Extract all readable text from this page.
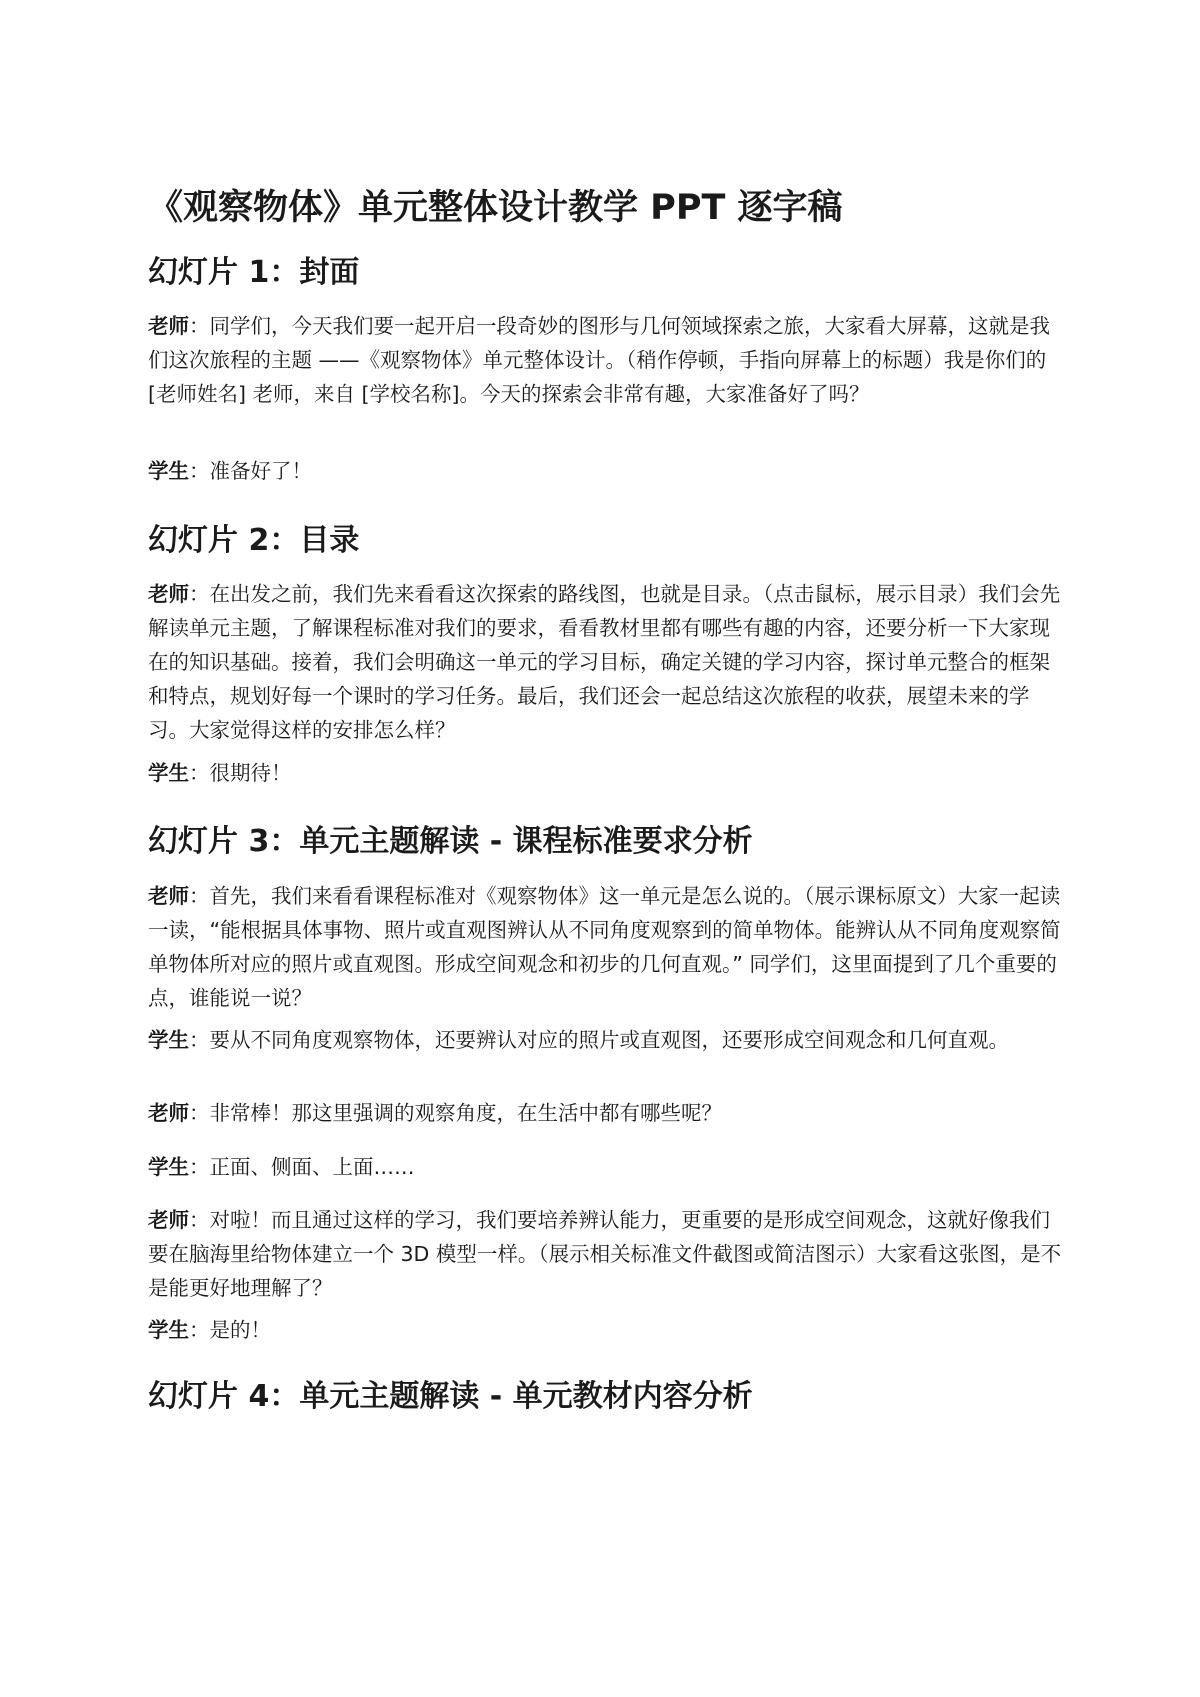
《观察物体》单元整体设计教学 PPT 逐字稿
幻灯片 1：封面

老师：同学们，今天我们要一起开启一段奇妙的图形与几何领域探索之旅，大家看大屏幕，这就是我们这次旅程的主题 ——《观察物体》单元整体设计。（稍作停顿，手指向屏幕上的标题）我是你们的 [老师姓名] 老师，来自 [学校名称]。今天的探索会非常有趣，大家准备好了吗？

学生：准备好了！

幻灯片 2：目录

老师：在出发之前，我们先来看看这次探索的路线图，也就是目录。（点击鼠标，展示目录）我们会先解读单元主题，了解课程标准对我们的要求，看看教材里都有哪些有趣的内容，还要分析一下大家现在的知识基础。接着，我们会明确这一单元的学习目标，确定关键的学习内容，探讨单元整合的框架和特点，规划好每一个课时的学习任务。最后，我们还会一起总结这次旅程的收获，展望未来的学习。大家觉得这样的安排怎么样？

学生：很期待！

幻灯片 3：单元主题解读 - 课程标准要求分析

老师：首先，我们来看看课程标准对《观察物体》这一单元是怎么说的。（展示课标原文）大家一起读一读，“能根据具体事物、照片或直观图辨认从不同角度观察到的简单物体。能辨认从不同角度观察简单物体所对应的照片或直观图。形成空间观念和初步的几何直观。” 同学们，这里面提到了几个重要的点，谁能说一说？

学生：要从不同角度观察物体，还要辨认对应的照片或直观图，还要形成空间观念和几何直观。

老师：非常棒！那这里强调的观察角度，在生活中都有哪些呢？

学生：正面、侧面、上面……

老师：对啦！而且通过这样的学习，我们要培养辨认能力，更重要的是形成空间观念，这就好像我们要在脑海里给物体建立一个 3D 模型一样。（展示相关标准文件截图或简洁图示）大家看这张图，是不是能更好地理解了？

学生：是的！

幻灯片 4：单元主题解读 - 单元教材内容分析
